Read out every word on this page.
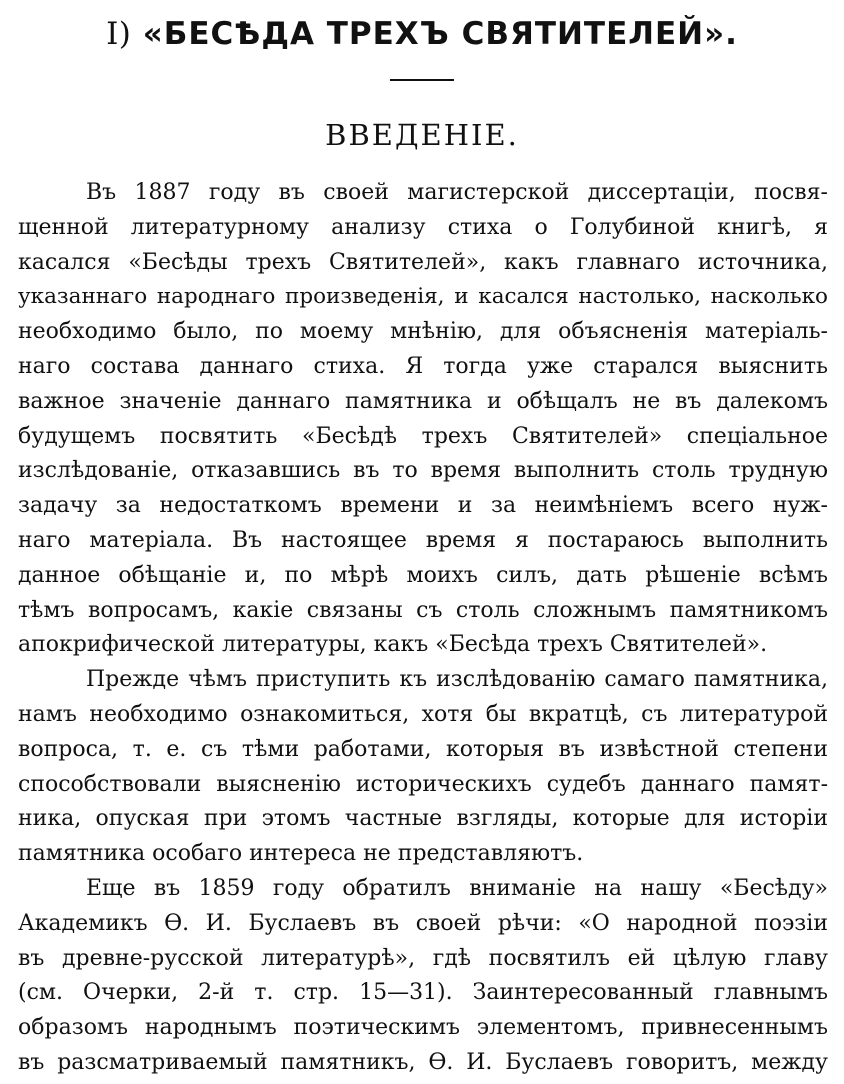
I) «БЕСѢДА ТРЕХЪ СВЯТИТЕЛЕЙ».
ВВЕДЕНІЕ.
Въ 1887 году въ своей магистерской диссертаціи, посвя-
щенной литературному анализу стиха о Голубиной книгѣ, я
касался «Бесѣды трехъ Святителей», какъ главнаго источника,
указаннаго народнаго произведенія, и касался настолько, насколько
необходимо было, по моему мнѣнію, для объясненія матеріаль-
наго состава даннаго стиха. Я тогда уже старался выяснить
важное значеніе даннаго памятника и обѣщалъ не въ далекомъ
будущемъ посвятить «Бесѣдѣ трехъ Святителей» спеціальное
изслѣдованіе, отказавшись въ то время выполнить столь трудную
задачу за недостаткомъ времени и за неимѣніемъ всего нуж-
наго матеріала. Въ настоящее время я постараюсь выполнить
данное обѣщаніе и, по мѣрѣ моихъ силъ, дать рѣшеніе всѣмъ
тѣмъ вопросамъ, какіе связаны съ столь сложнымъ памятникомъ
апокрифической литературы, какъ «Бесѣда трехъ Святителей».
Прежде чѣмъ приступить къ изслѣдованію самаго памятника,
намъ необходимо ознакомиться, хотя бы вкратцѣ, съ литературой
вопроса, т. е. съ тѣми работами, которыя въ извѣстной степени
способствовали выясненію историческихъ судебъ даннаго памят-
ника, опуская при этомъ частные взгляды, которые для исторіи
памятника особаго интереса не представляютъ.
Еще въ 1859 году обратилъ вниманіе на нашу «Бесѣду»
Академикъ Ѳ. И. Буслаевъ въ своей рѣчи: «О народной поэзіи
въ древне-русской литературѣ», гдѣ посвятилъ ей цѣлую главу
(см. Очерки, 2-й т. стр. 15—31). Заинтересованный главнымъ
образомъ народнымъ поэтическимъ элементомъ, привнесеннымъ
въ разсматриваемый памятникъ, Ѳ. И. Буслаевъ говоритъ, между
